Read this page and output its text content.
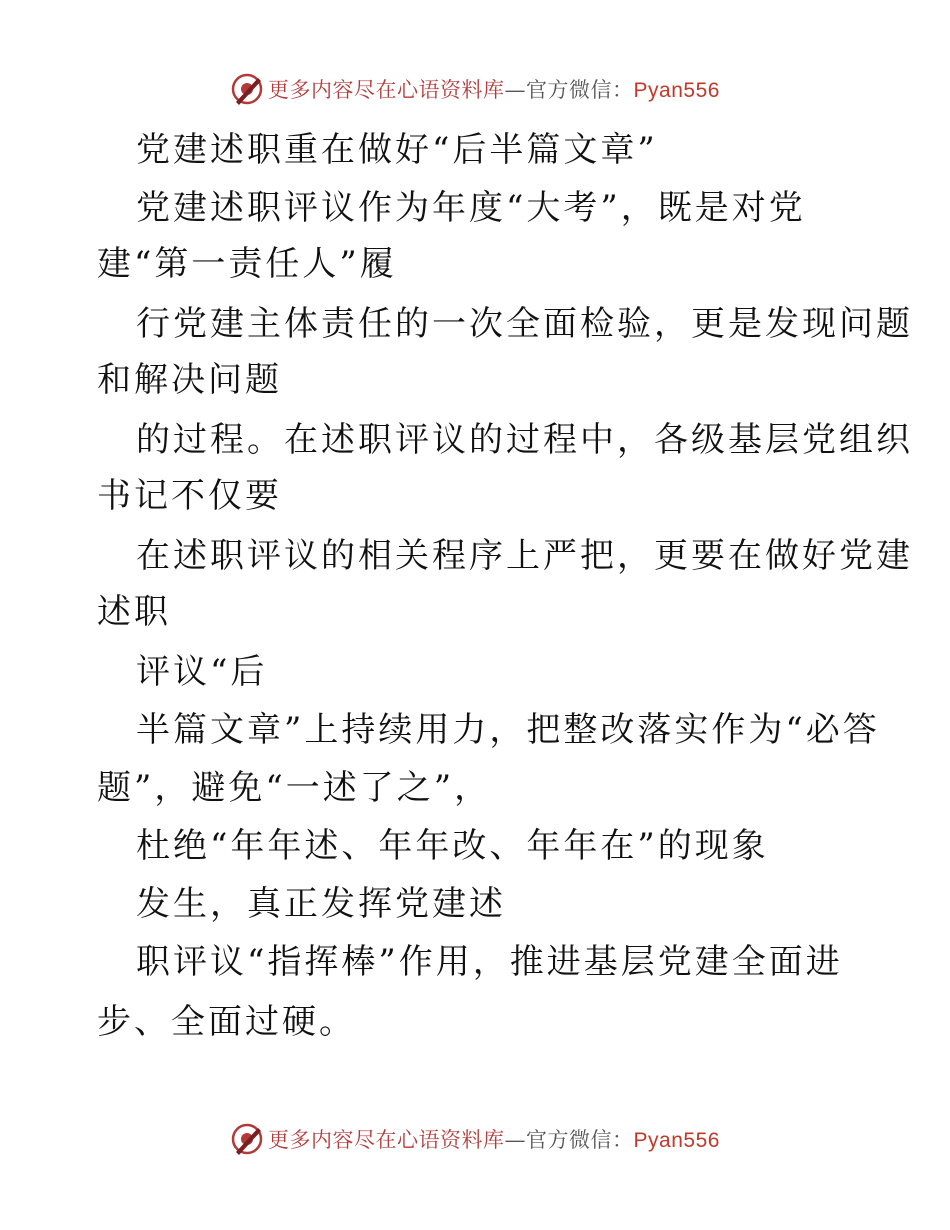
更多内容尽在心语资料库—官方微信：Pyan556
党建述职重在做好“后半篇文章”
党建述职评议作为年度“大考”，既是对党
建“第一责任人”履
行党建主体责任的一次全面检验，更是发现问题
和解决问题
的过程。在述职评议的过程中，各级基层党组织
书记不仅要
在述职评议的相关程序上严把，更要在做好党建
述职
评议“后
半篇文章”上持续用力，把整改落实作为“必答
题”，避免“一述了之”，
杜绝“年年述、年年改、年年在”的现象
发生，真正发挥党建述
职评议“指挥棒”作用，推进基层党建全面进
步、全面过硬。
更多内容尽在心语资料库—官方微信：Pyan556
